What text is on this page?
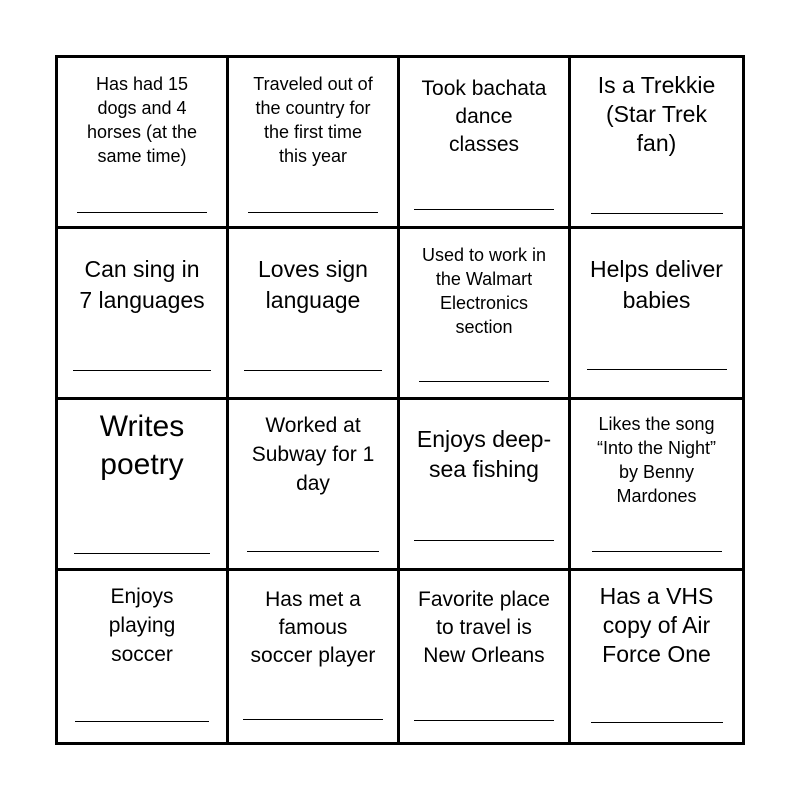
Has had 15
dogs and 4
horses (at the
same time)
Traveled out of
the country for
the first time
this year
Took bachata
dance
classes
Is a Trekkie
(Star Trek
fan)
Can sing in
7 languages
Loves sign
language
Used to work in
the Walmart
Electronics
section
Helps deliver
babies
Writes
poetry
Worked at
Subway for 1
day
Enjoys deep-
sea fishing
Likes the song
“Into the Night”
by Benny
Mardones
Enjoys
playing
soccer
Has met a
famous
soccer player
Favorite place
to travel is
New Orleans
Has a VHS
copy of Air
Force One
